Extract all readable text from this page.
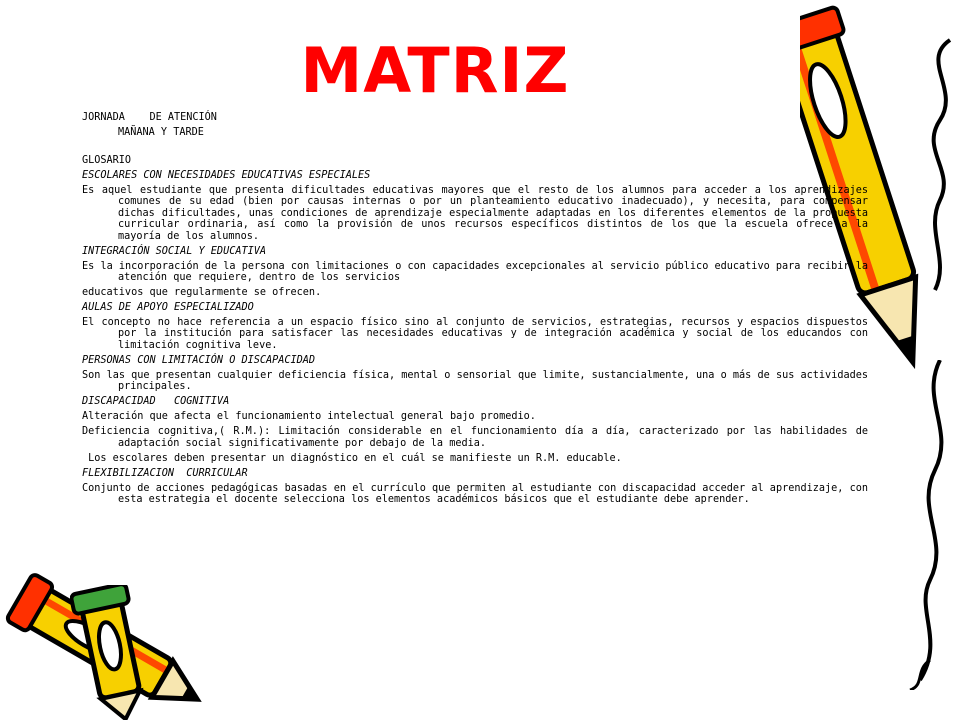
MATRIZ
JORNADA    DE ATENCIÓN
MAÑANA Y TARDE
GLOSARIO
ESCOLARES CON NECESIDADES EDUCATIVAS ESPECIALES
Es aquel estudiante que presenta dificultades educativas mayores que el resto de los alumnos para acceder a los aprendizajes comunes de su edad (bien por causas internas o por un planteamiento educativo inadecuado), y necesita, para compensar dichas dificultades, unas condiciones de aprendizaje especialmente adaptadas en los diferentes elementos de la propuesta curricular ordinaria, así como la provisión de unos recursos específicos distintos de los que la escuela ofrece a la mayoría de los alumnos.
INTEGRACIÓN SOCIAL Y EDUCATIVA
Es la incorporación de la persona con limitaciones o con capacidades excepcionales al servicio público educativo para recibir la atención que requiere, dentro de los servicios
educativos que regularmente se ofrecen.
AULAS DE APOYO ESPECIALIZADO
El concepto no hace referencia a un espacio físico sino al conjunto de servicios, estrategias, recursos y espacios dispuestos por la institución para satisfacer las necesidades educativas y de integración académica y social de los educandos con limitación cognitiva leve.
PERSONAS CON LIMITACIÓN O DISCAPACIDAD
Son las que presentan cualquier deficiencia física, mental o sensorial que limite, sustancialmente, una o más de sus actividades principales.
DISCAPACIDAD   COGNITIVA
Alteración que afecta el funcionamiento intelectual general bajo promedio.
Deficiencia cognitiva,( R.M.): Limitación considerable en el funcionamiento día a día, caracterizado por las habilidades de adaptación social significativamente por debajo de la media.
Los escolares deben presentar un diagnóstico en el cuál se manifieste un R.M. educable.
FLEXIBILIZACION  CURRICULAR
Conjunto de acciones pedagógicas basadas en el currículo que permiten al estudiante con discapacidad acceder al aprendizaje, con esta estrategia el docente selecciona los elementos académicos básicos que el estudiante debe aprender.
